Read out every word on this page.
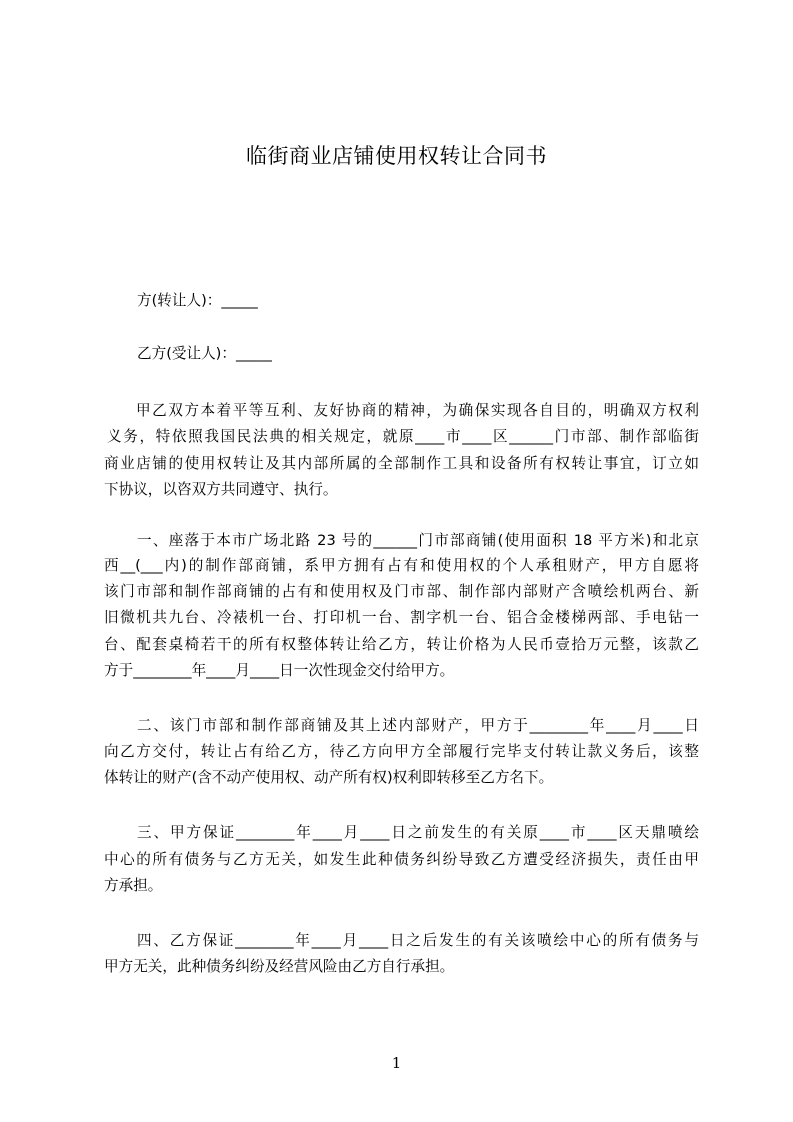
临街商业店铺使用权转让合同书
方(转让人)：_____
乙方(受让人)：_____
甲乙双方本着平等互利、友好协商的精神，为确保实现各自目的，明确双方权利
义务，特依照我国民法典的相关规定，就原____市____区______门市部、制作部临街
商业店铺的使用权转让及其内部所属的全部制作工具和设备所有权转让事宜，订立如
下协议，以咨双方共同遵守、执行。
一、座落于本市广场北路 23 号的______门市部商铺(使用面积 18 平方米)和北京
西__(___内)的制作部商铺，系甲方拥有占有和使用权的个人承租财产，甲方自愿将
该门市部和制作部商铺的占有和使用权及门市部、制作部内部财产含喷绘机两台、新
旧微机共九台、冷裱机一台、打印机一台、割字机一台、铝合金楼梯两部、手电钻一
台、配套桌椅若干的所有权整体转让给乙方，转让价格为人民币壹拾万元整，该款乙
方于________年____月____日一次性现金交付给甲方。
二、该门市部和制作部商铺及其上述内部财产，甲方于________年____月____日
向乙方交付，转让占有给乙方，待乙方向甲方全部履行完毕支付转让款义务后，该整
体转让的财产(含不动产使用权、动产所有权)权利即转移至乙方名下。
三、甲方保证________年____月____日之前发生的有关原____市____区天鼎喷绘
中心的所有债务与乙方无关，如发生此种债务纠纷导致乙方遭受经济损失，责任由甲
方承担。
四、乙方保证________年____月____日之后发生的有关该喷绘中心的所有债务与
甲方无关，此种债务纠纷及经营风险由乙方自行承担。
1
